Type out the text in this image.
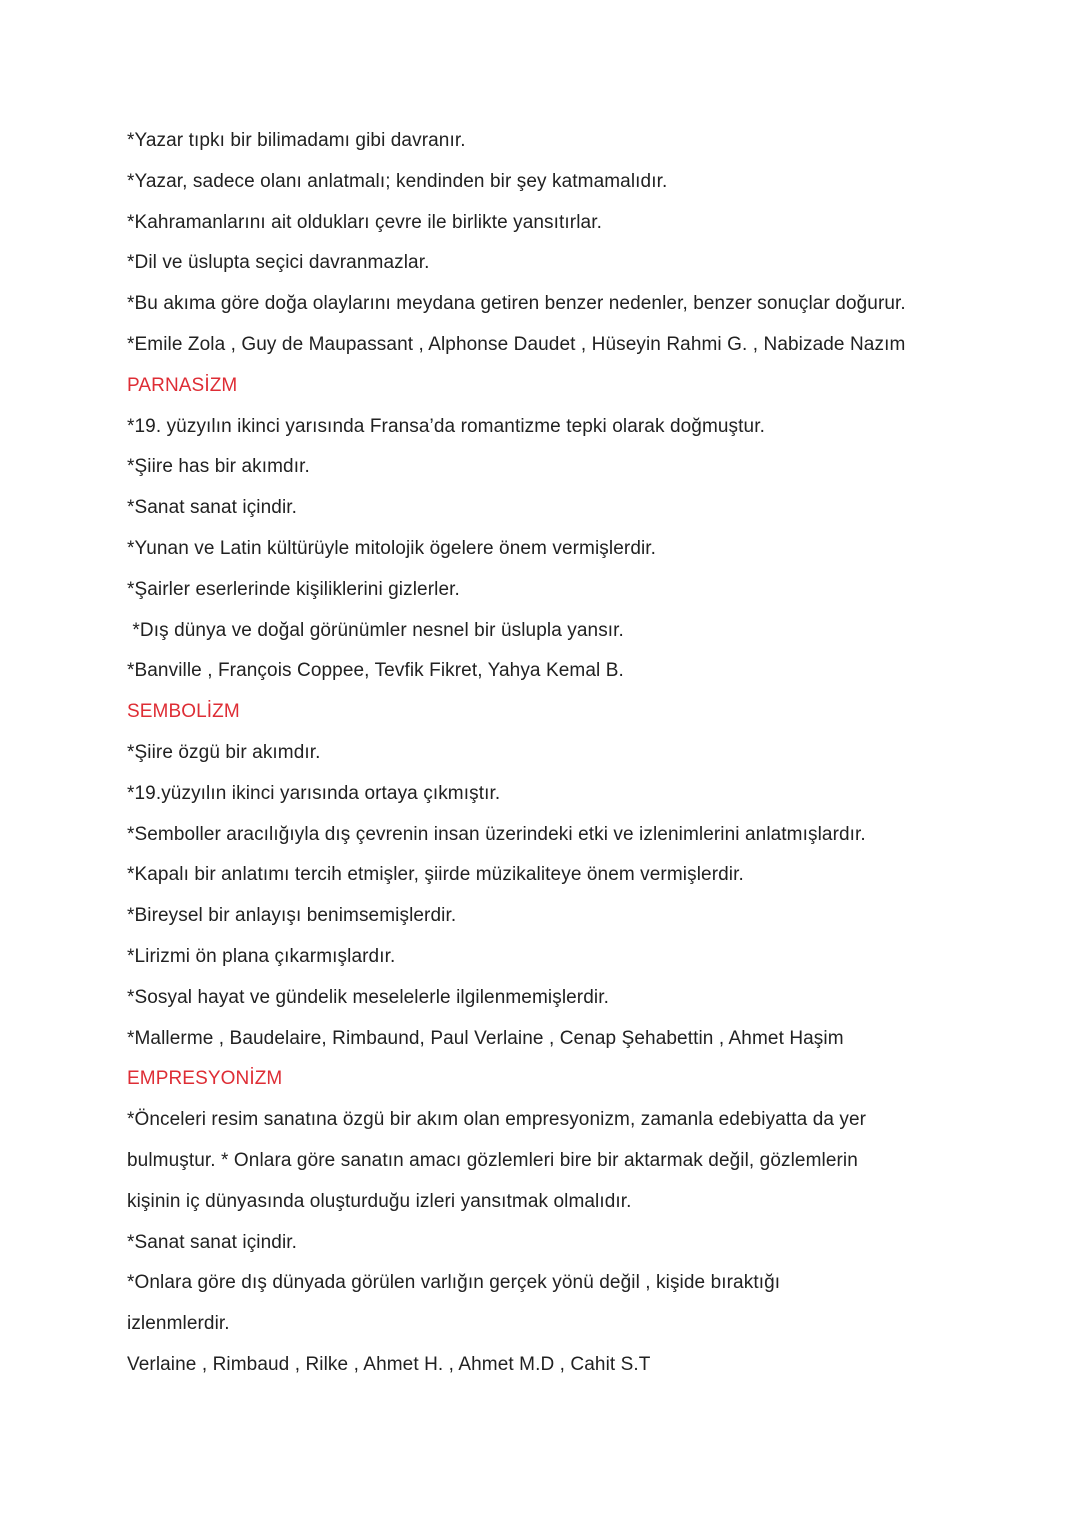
*Yazar tıpkı bir bilimadamı gibi davranır.

*Yazar, sadece olanı anlatmalı; kendinden bir şey katmamalıdır.

*Kahramanlarını ait oldukları çevre ile birlikte yansıtırlar.

*Dil ve üslupta seçici davranmazlar.

*Bu akıma göre doğa olaylarını meydana getiren benzer nedenler, benzer sonuçlar doğurur.

*Emile Zola , Guy de Maupassant , Alphonse Daudet , Hüseyin Rahmi G. , Nabizade Nazım

PARNASİZM

*19. yüzyılın ikinci yarısında Fransa’da romantizme tepki olarak doğmuştur.

*Şiire has bir akımdır.

*Sanat sanat içindir.

*Yunan ve Latin kültürüyle mitolojik ögelere önem vermişlerdir.

*Şairler eserlerinde kişiliklerini gizlerler.

*Dış dünya ve doğal görünümler nesnel bir üslupla yansır.

*Banville , François Coppee, Tevfik Fikret, Yahya Kemal B.

SEMBOLİZM

*Şiire özgü bir akımdır.

*19.yüzyılın ikinci yarısında ortaya çıkmıştır.

*Semboller aracılığıyla dış çevrenin insan üzerindeki etki ve izlenimlerini anlatmışlardır.

*Kapalı bir anlatımı tercih etmişler, şiirde müzikaliteye önem vermişlerdir.

*Bireysel bir anlayışı benimsemişlerdir.

*Lirizmi ön plana çıkarmışlardır.

*Sosyal hayat ve gündelik meselelerle ilgilenmemişlerdir.

*Mallerme , Baudelaire, Rimbaund, Paul Verlaine , Cenap Şehabettin , Ahmet Haşim

EMPRESYONİZM

*Önceleri resim sanatına özgü bir akım olan empresyonizm, zamanla edebiyatta da yer

bulmuştur. * Onlara göre sanatın amacı gözlemleri bire bir aktarmak değil, gözlemlerin

kişinin iç dünyasında oluşturduğu izleri yansıtmak olmalıdır.

*Sanat sanat içindir.

*Onlara göre dış dünyada görülen varlığın gerçek yönü değil , kişide bıraktığı

izlenmlerdir.

Verlaine , Rimbaud , Rilke , Ahmet H. , Ahmet M.D , Cahit S.T
